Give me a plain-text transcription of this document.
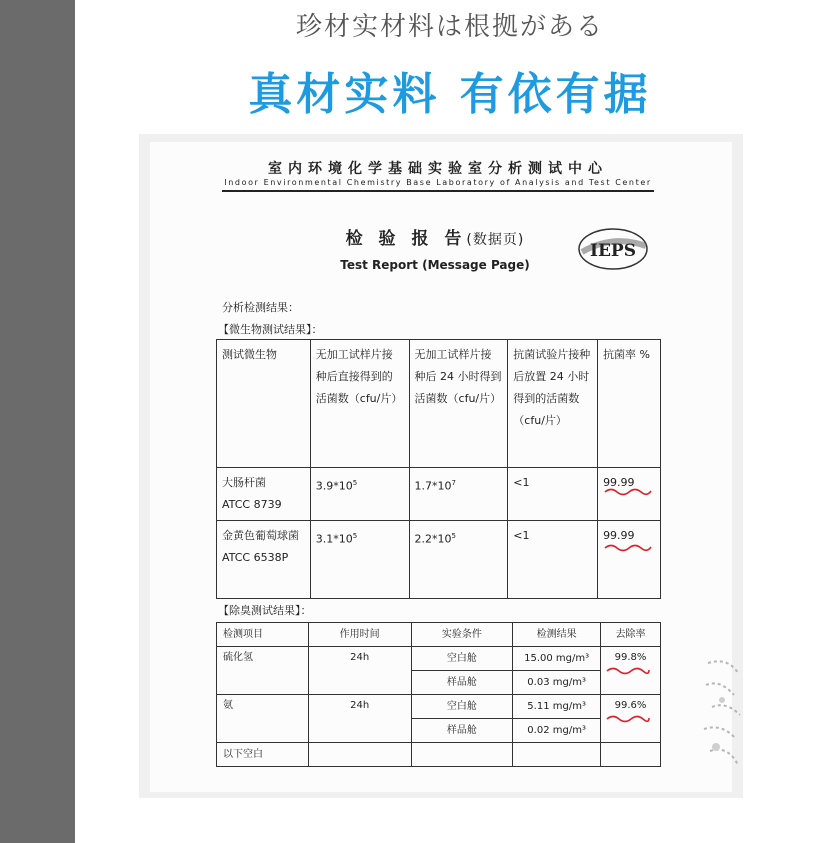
珍材实材料は根拠がある
真材实料 有依有据
室内环境化学基础实验室分析测试中心
Indoor Environmental Chemistry Base Laboratory of Analysis and Test Center
检 验 报 告(数据页)
Test Report (Message Page)
IEPS
分析检测结果：
【微生物测试结果】：
测试微生物	无加工试样片接种后直接得到的活菌数（cfu/片）	无加工试样片接种后 24 小时得到活菌数（cfu/片）	抗菌试验片接种后放置 24 小时得到的活菌数（cfu/片）	抗菌率 %

大肠杆菌
ATCC 8739	$3.9*10^5$	$1.7*10^7$	<1	99.99

金黄色葡萄球菌
ATCC 6538P	$3.1*10^5$	$2.2*10^5$	<1	99.99
【除臭测试结果】：
检测项目	作用时间	实验条件	检测结果	去除率
硫化氢	24h	空白舱	15.00 mg/m³	99.8%
		样品舱	0.03 mg/m³	
氨	24h	空白舱	5.11 mg/m³	99.6%
		样品舱	0.02 mg/m³	
以下空白				
